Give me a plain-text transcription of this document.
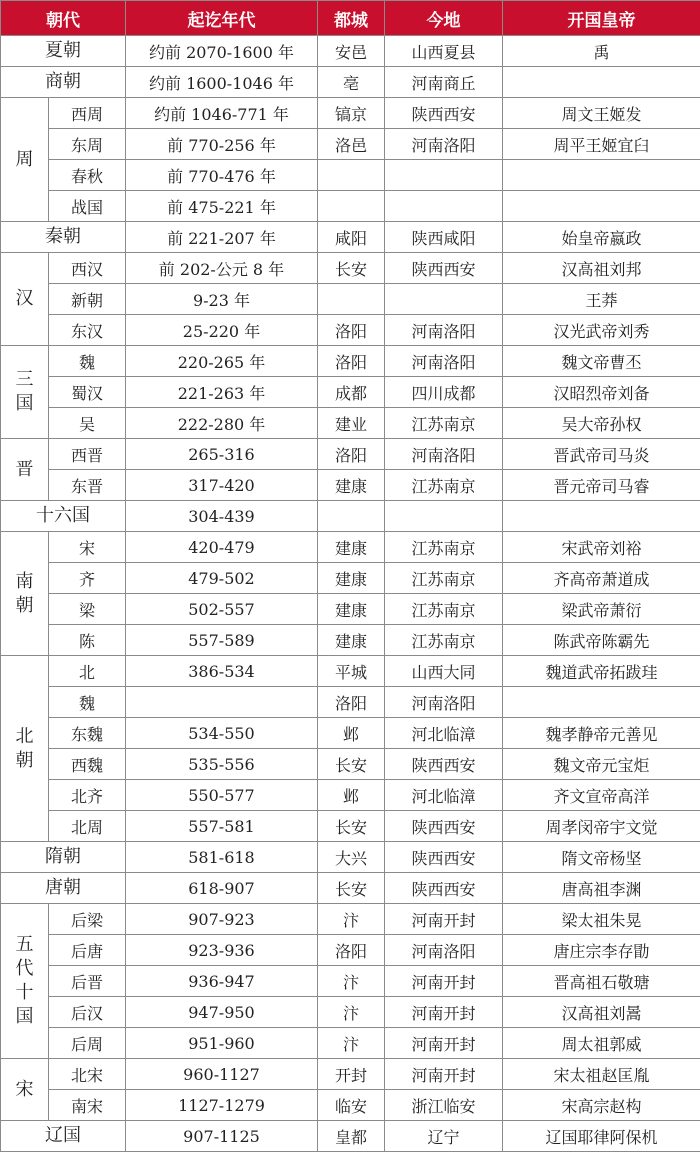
朝代		起讫年代	都城	今地	开国皇帝
夏朝		约前 2070-1600 年	安邑	山西夏县	禹
商朝		约前 1600-1046 年	亳	河南商丘	
周	西周	约前 1046-771 年	镐京	陕西西安	周文王姬发
	东周	前 770-256 年	洛邑	河南洛阳	周平王姬宜臼
	春秋	前 770-476 年			
	战国	前 475-221 年			
秦朝		前 221-207 年	咸阳	陕西咸阳	始皇帝嬴政
汉	西汉	前 202-公元 8 年	长安	陕西西安	汉高祖刘邦
	新朝	9-23 年			王莽
	东汉	25-220 年	洛阳	河南洛阳	汉光武帝刘秀
三国	魏	220-265 年	洛阳	河南洛阳	魏文帝曹丕
	蜀汉	221-263 年	成都	四川成都	汉昭烈帝刘备
	吴	222-280 年	建业	江苏南京	吴大帝孙权
晋	西晋	265-316	洛阳	河南洛阳	晋武帝司马炎
	东晋	317-420	建康	江苏南京	晋元帝司马睿
十六国		304-439			
南朝	宋	420-479	建康	江苏南京	宋武帝刘裕
	齐	479-502	建康	江苏南京	齐高帝萧道成
	梁	502-557	建康	江苏南京	梁武帝萧衍
	陈	557-589	建康	江苏南京	陈武帝陈霸先
北朝	北	386-534	平城	山西大同	魏道武帝拓跋珪
	魏		洛阳	河南洛阳	
	东魏	534-550	邺	河北临漳	魏孝静帝元善见
	西魏	535-556	长安	陕西西安	魏文帝元宝炬
	北齐	550-577	邺	河北临漳	齐文宣帝高洋
	北周	557-581	长安	陕西西安	周孝闵帝宇文觉
隋朝		581-618	大兴	陕西西安	隋文帝杨坚
唐朝		618-907	长安	陕西西安	唐高祖李渊
五代十国	后梁	907-923	汴	河南开封	梁太祖朱晃
	后唐	923-936	洛阳	河南洛阳	唐庄宗李存勖
	后晋	936-947	汴	河南开封	晋高祖石敬瑭
	后汉	947-950	汴	河南开封	汉高祖刘暠
	后周	951-960	汴	河南开封	周太祖郭威
宋	北宋	960-1127	开封	河南开封	宋太祖赵匡胤
	南宋	1127-1279	临安	浙江临安	宋高宗赵构
辽国		907-1125	皇都	辽宁	辽国耶律阿保机
